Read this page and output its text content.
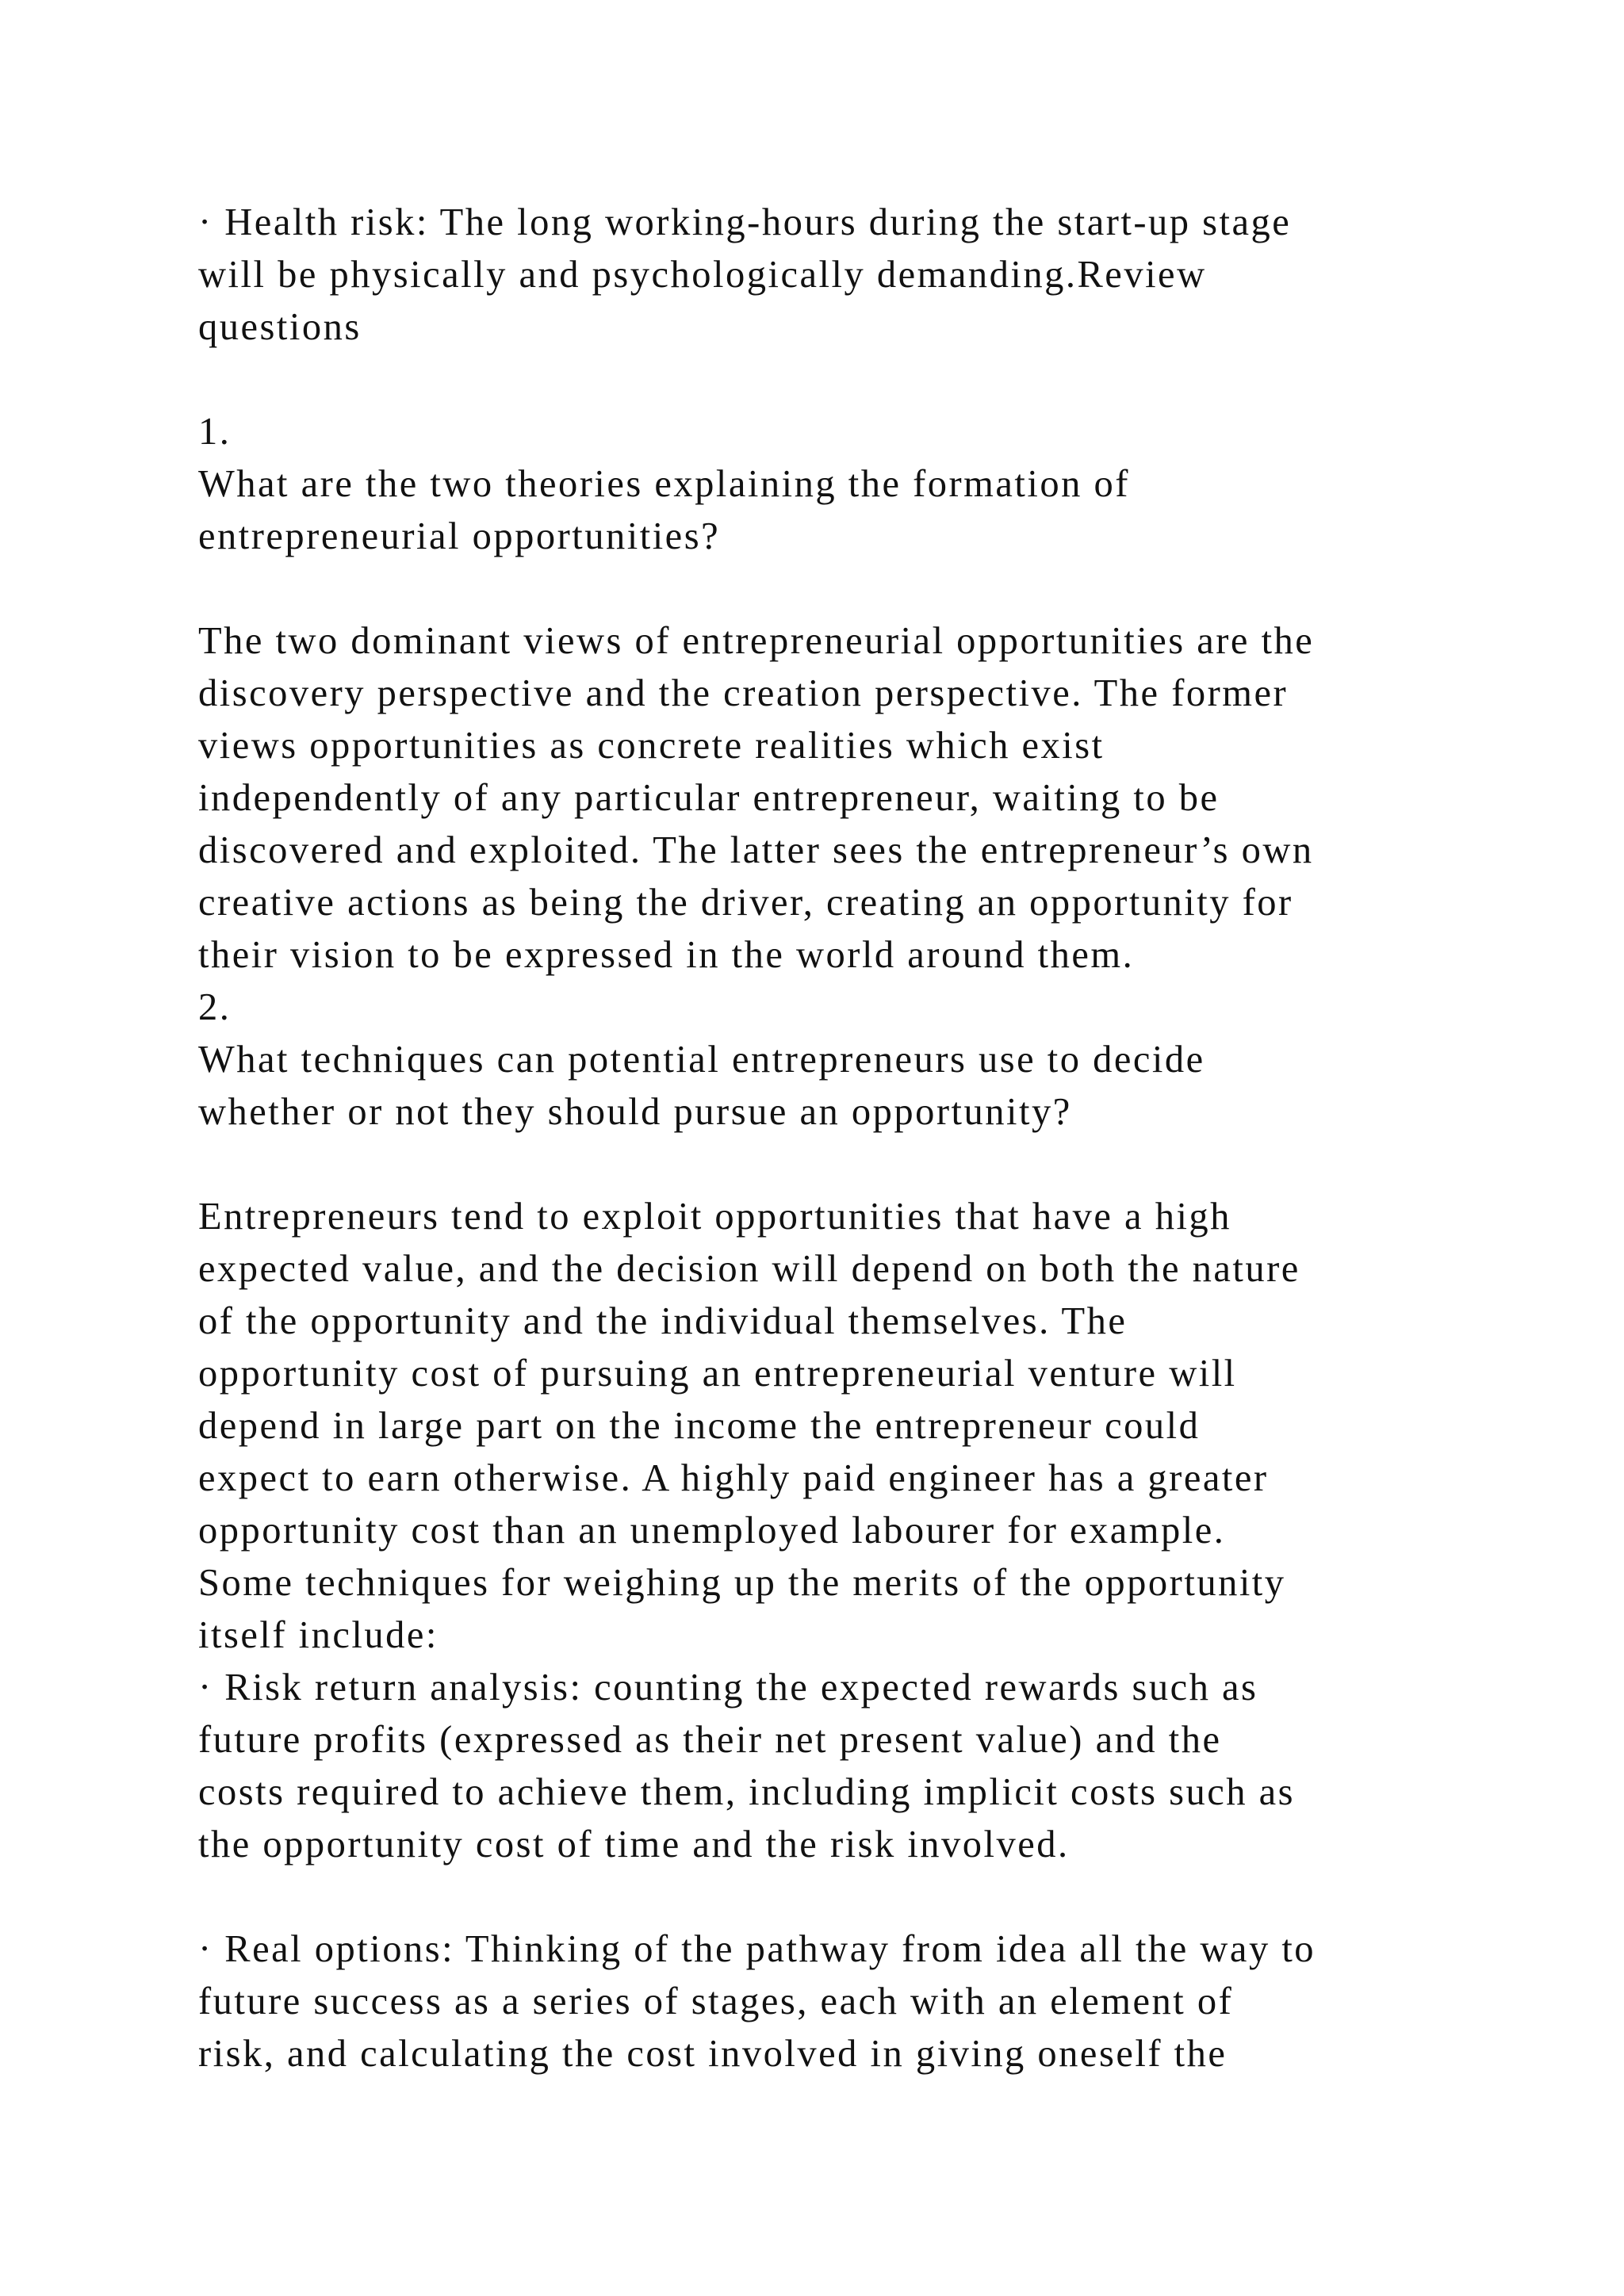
· Health risk: The long working-hours during the start-up stage

will be physically and psychologically demanding.Review

questions

1.

What are the two theories explaining the formation of

entrepreneurial opportunities?

The two dominant views of entrepreneurial opportunities are the

discovery perspective and the creation perspective. The former

views opportunities as concrete realities which exist

independently of any particular entrepreneur, waiting to be

discovered and exploited. The latter sees the entrepreneur’s own

creative actions as being the driver, creating an opportunity for

their vision to be expressed in the world around them.

2.

What techniques can potential entrepreneurs use to decide

whether or not they should pursue an opportunity?

Entrepreneurs tend to exploit opportunities that have a high

expected value, and the decision will depend on both the nature

of the opportunity and the individual themselves. The

opportunity cost of pursuing an entrepreneurial venture will

depend in large part on the income the entrepreneur could

expect to earn otherwise. A highly paid engineer has a greater

opportunity cost than an unemployed labourer for example.

Some techniques for weighing up the merits of the opportunity

itself include:

· Risk return analysis: counting the expected rewards such as

future profits (expressed as their net present value) and the

costs required to achieve them, including implicit costs such as

the opportunity cost of time and the risk involved.

· Real options: Thinking of the pathway from idea all the way to

future success as a series of stages, each with an element of

risk, and calculating the cost involved in giving oneself the
